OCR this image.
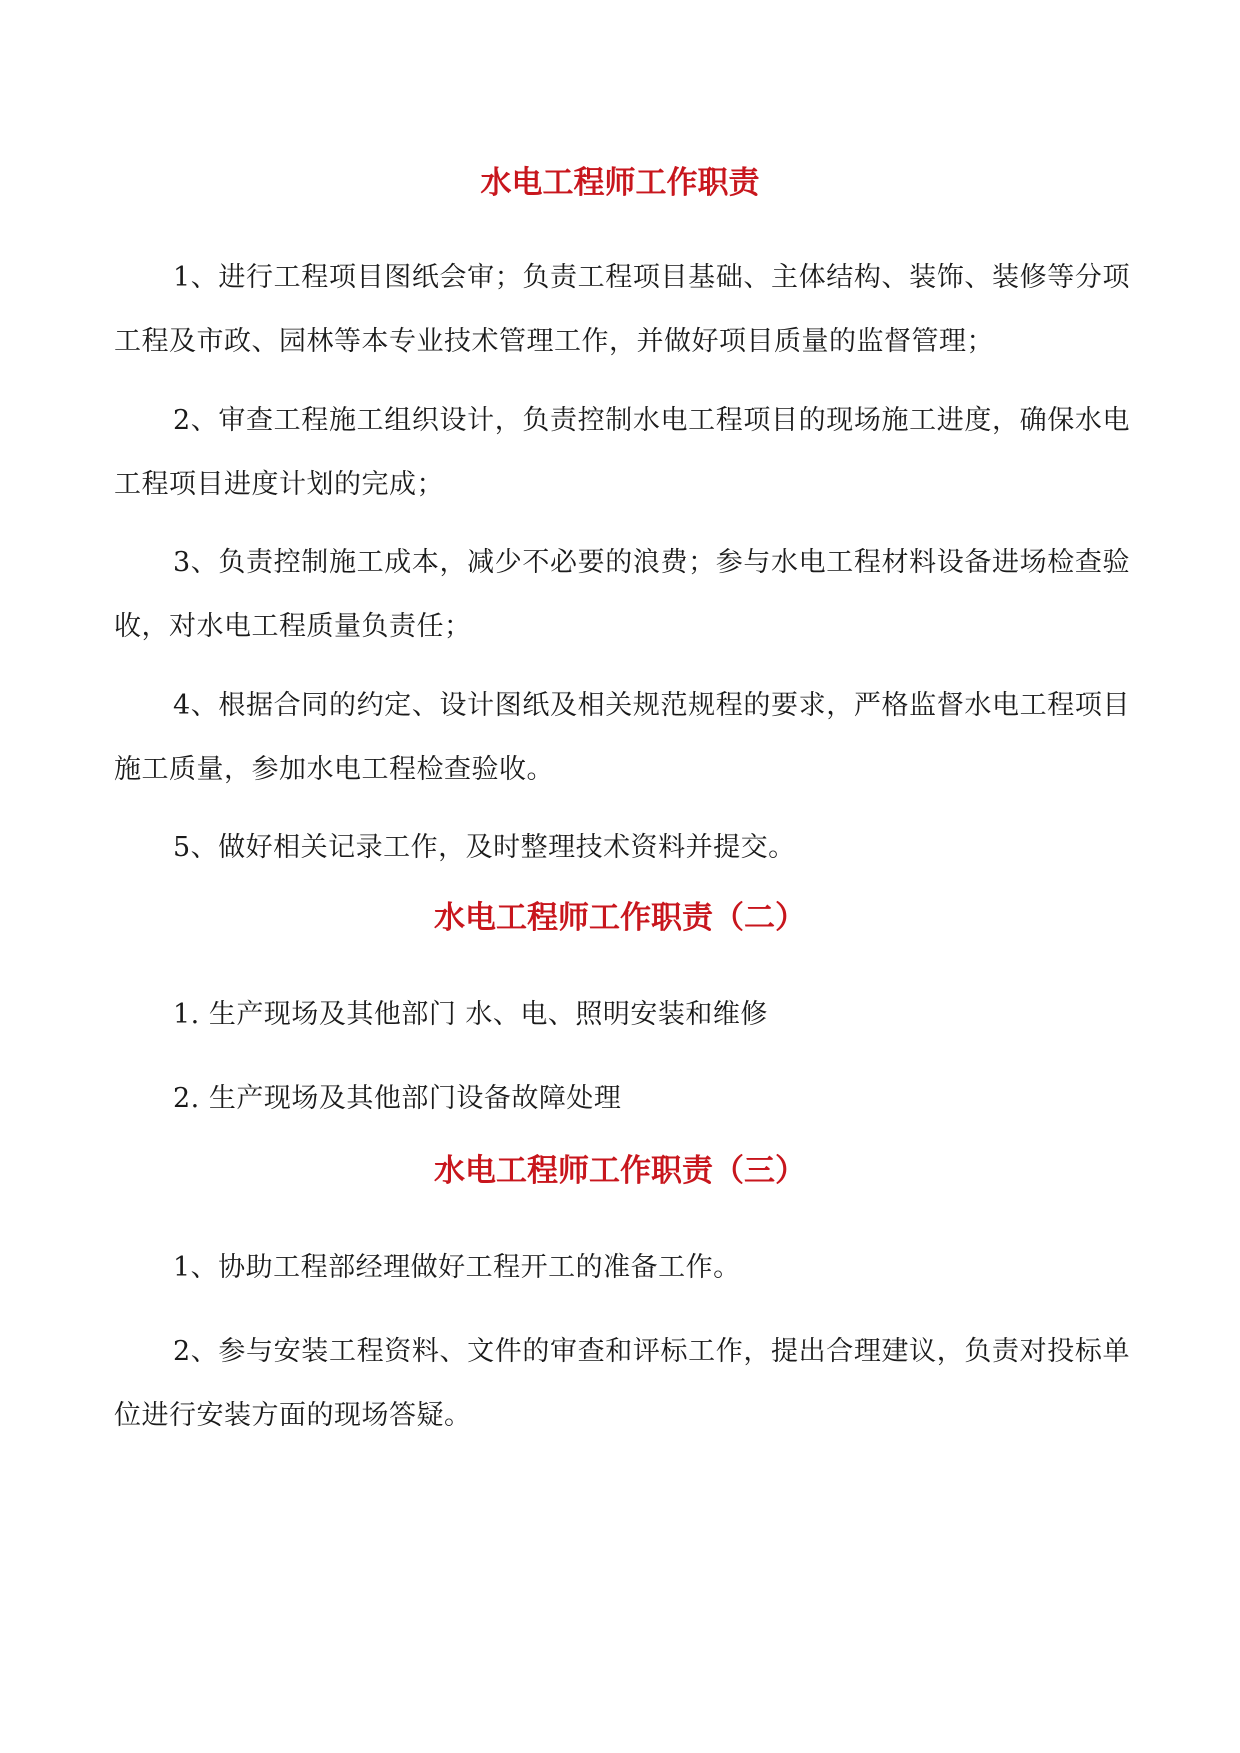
水电工程师工作职责

1、进行工程项目图纸会审；负责工程项目基础、主体结构、装饰、装修等分项工程及市政、园林等本专业技术管理工作，并做好项目质量的监督管理；

2、审查工程施工组织设计，负责控制水电工程项目的现场施工进度，确保水电工程项目进度计划的完成；

3、负责控制施工成本，减少不必要的浪费；参与水电工程材料设备进场检查验收，对水电工程质量负责任；

4、根据合同的约定、设计图纸及相关规范规程的要求，严格监督水电工程项目施工质量，参加水电工程检查验收。

5、做好相关记录工作，及时整理技术资料并提交。

水电工程师工作职责（二）

1. 生产现场及其他部门 水、电、照明安装和维修

2. 生产现场及其他部门设备故障处理

水电工程师工作职责（三）

1、协助工程部经理做好工程开工的准备工作。

2、参与安装工程资料、文件的审查和评标工作，提出合理建议，负责对投标单位进行安装方面的现场答疑。
